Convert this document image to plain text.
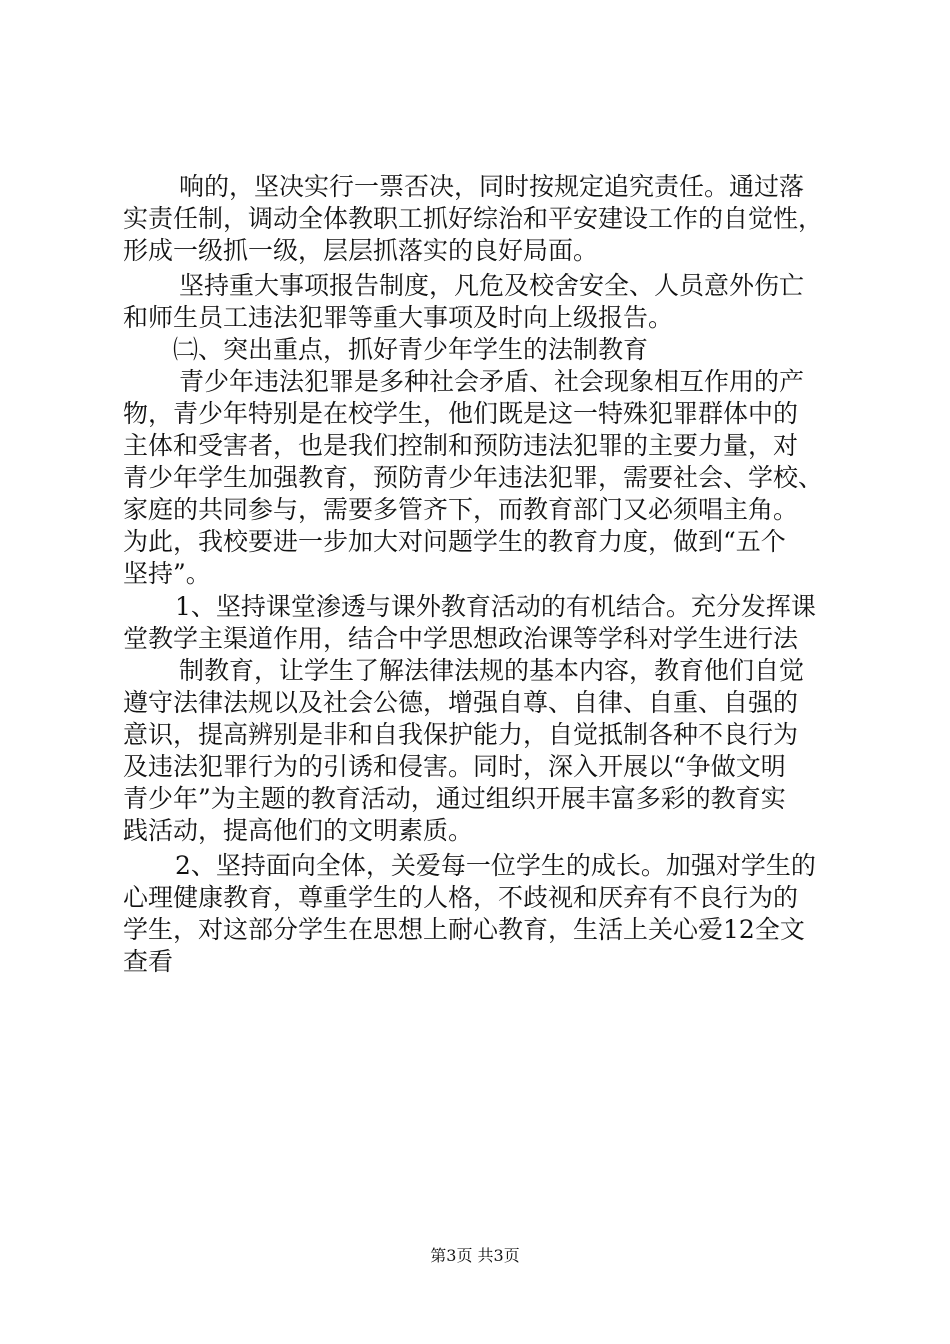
响的，坚决实行一票否决，同时按规定追究责任。通过落
实责任制，调动全体教职工抓好综治和平安建设工作的自觉性，
形成一级抓一级，层层抓落实的良好局面。
坚持重大事项报告制度，凡危及校舍安全、人员意外伤亡
和师生员工违法犯罪等重大事项及时向上级报告。
㈡、突出重点，抓好青少年学生的法制教育
青少年违法犯罪是多种社会矛盾、社会现象相互作用的产
物，青少年特别是在校学生，他们既是这一特殊犯罪群体中的
主体和受害者，也是我们控制和预防违法犯罪的主要力量，对
青少年学生加强教育，预防青少年违法犯罪，需要社会、学校、
家庭的共同参与，需要多管齐下，而教育部门又必须唱主角。
为此，我校要进一步加大对问题学生的教育力度，做到“五个
坚持”。
1、坚持课堂渗透与课外教育活动的有机结合。充分发挥课
堂教学主渠道作用，结合中学思想政治课等学科对学生进行法
制教育，让学生了解法律法规的基本内容，教育他们自觉
遵守法律法规以及社会公德，增强自尊、自律、自重、自强的
意识，提高辨别是非和自我保护能力，自觉抵制各种不良行为
及违法犯罪行为的引诱和侵害。同时，深入开展以“争做文明
青少年”为主题的教育活动，通过组织开展丰富多彩的教育实
践活动，提高他们的文明素质。
2、坚持面向全体，关爱每一位学生的成长。加强对学生的
心理健康教育，尊重学生的人格，不歧视和厌弃有不良行为的
学生，对这部分学生在思想上耐心教育，生活上关心爱12全文
查看
第3页 共3页
